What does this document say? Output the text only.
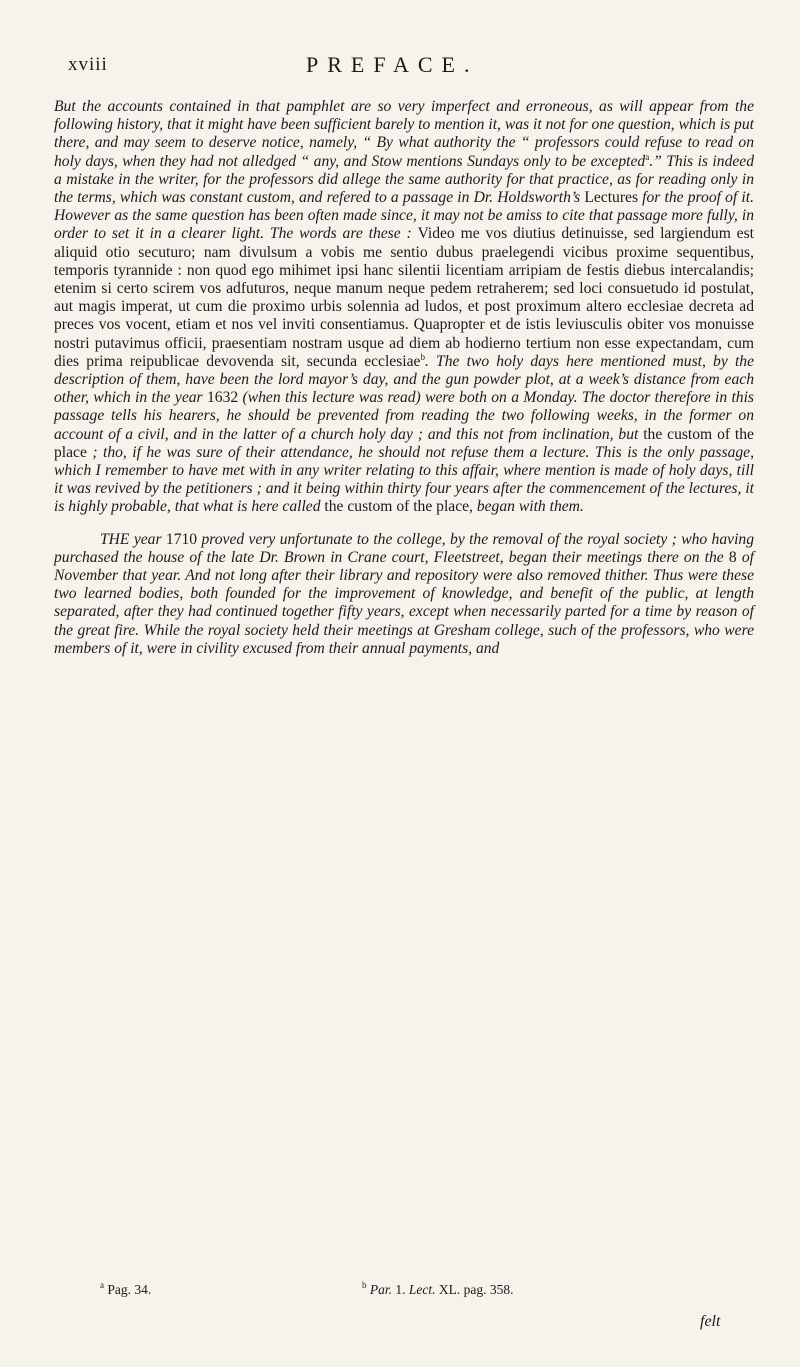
xviii	PREFACE.

But the accounts contained in that pamphlet are so very imperfect and erroneous, as will appear from the following history, that it might have been sufficient barely to mention it, was it not for one question, which is put there, and may seem to deserve notice, namely, “ By what authority the “ professors could refuse to read on holy days, when they had not alledged “ any, and Stow mentions Sundays only to be excepted$^a$.” This is indeed a mistake in the writer, for the professors did allege the same authority for that practice, as for reading only in the terms, which was constant custom, and refered to a passage in Dr. Holdsworth’s Lectures for the proof of it. However as the same question has been often made since, it may not be amiss to cite that passage more fully, in order to set it in a clearer light. The words are these : Video me vos diutius detinuisse, sed largiendum est aliquid otio secuturo; nam divulsum a vobis me sentio dubus praelegendi vicibus proxime sequentibus, temporis tyrannide : non quod ego mihimet ipsi hanc silentii licentiam arripiam de festis diebus intercalandis; etenim si certo scirem vos adfuturos, neque manum neque pedem retraherem; sed loci consuetudo id postulat, aut magis imperat, ut cum die proximo urbis solennia ad ludos, et post proximum altero ecclesiae decreta ad preces vos vocent, etiam et nos vel inviti consentiamus. Quapropter et de istis leviusculis obiter vos monuisse nostri putavimus officii, praesentiam nostram usque ad diem ab hodierno tertium non esse expectandam, cum dies prima reipublicae devovenda sit, secunda ecclesiae$^b$. The two holy days here mentioned must, by the description of them, have been the lord mayor’s day, and the gun powder plot, at a week’s distance from each other, which in the year 1632 (when this lecture was read) were both on a Monday. The doctor therefore in this passage tells his hearers, he should be prevented from reading the two following weeks, in the former on account of a civil, and in the latter of a church holy day ; and this not from inclination, but the custom of the place ; tho, if he was sure of their attendance, he should not refuse them a lecture. This is the only passage, which I remember to have met with in any writer relating to this affair, where mention is made of holy days, till it was revived by the petitioners ; and it being within thirty four years after the commencement of the lectures, it is highly probable, that what is here called the custom of the place, began with them.

THE year 1710 proved very unfortunate to the college, by the removal of the royal society ; who having purchased the house of the late Dr. Brown in Crane court, Fleetstreet, began their meetings there on the 8 of November that year. And not long after their library and repository were also removed thither. Thus were these two learned bodies, both founded for the improvement of knowledge, and benefit of the public, at length separated, after they had continued together fifty years, except when necessarily parted for a time by reason of the great fire. While the royal society held their meetings at Gresham college, such of the professors, who were members of it, were in civility excused from their annual payments, and

$^a$ Pag. 34.	$^b$ Par. 1. Lect. XL. pag. 358.
felt
